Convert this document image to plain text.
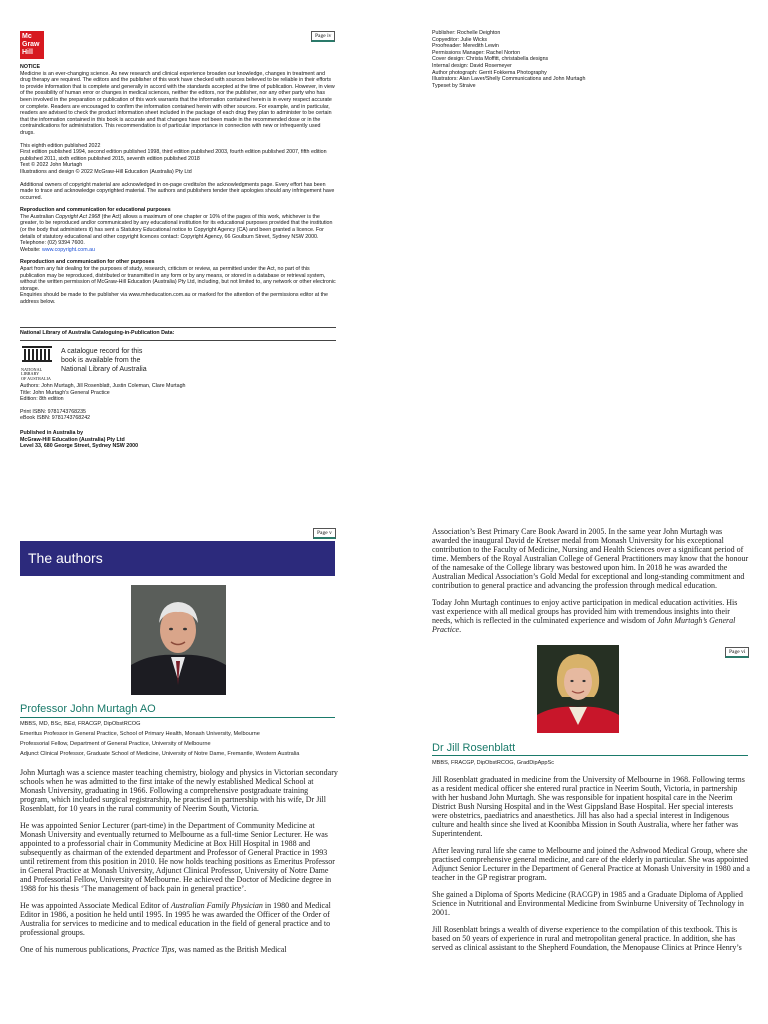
Mc
Graw
Hill
Page iv

NOTICE
Medicine is an ever-changing science. As new research and clinical experience broaden our knowledge, changes in treatment and drug therapy are required. The editors and the publisher of this work have checked with sources believed to be reliable in their efforts to provide information that is complete and generally in accord with the standards accepted at the time of publication. However, in view of the possibility of human error or changes in medical sciences, neither the editors, nor the publisher, nor any other party who has been involved in the preparation or publication of this work warrants that the information contained herein is in every respect accurate or complete. Readers are encouraged to confirm the information contained herein with other sources. For example, and in particular, readers are advised to check the product information sheet included in the package of each drug they plan to administer to be certain that the information contained in this book is accurate and that changes have not been made in the recommended dose or in the contraindications for administration. This recommendation is of particular importance in connection with new or infrequently used drugs.

This eighth edition published 2022
First edition published 1994, second edition published 1998, third edition published 2003, fourth edition published 2007, fifth edition published 2011, sixth edition published 2015, seventh edition published 2018
Text © 2022 John Murtagh
Illustrations and design © 2022 McGraw-Hill Education (Australia) Pty Ltd

Additional owners of copyright material are acknowledged in on-page credits/on the acknowledgments page. Every effort has been made to trace and acknowledge copyrighted material. The authors and publishers tender their apologies should any infringement have occurred.

Reproduction and communication for educational purposes
The Australian Copyright Act 1968 (the Act) allows a maximum of one chapter or 10% of the pages of this work, whichever is the greater, to be reproduced and/or communicated by any educational institution for its educational purposes provided that the institution (or the body that administers it) has sent a Statutory Educational notice to Copyright Agency (CA) and been granted a licence. For details of statutory educational and other copyright licences contact: Copyright Agency, 66 Goulburn Street, Sydney NSW 2000. Telephone: (02) 9394 7600.
Website: www.copyright.com.au

Reproduction and communication for other purposes
Apart from any fair dealing for the purposes of study, research, criticism or review, as permitted under the Act, no part of this publication may be reproduced, distributed or transmitted in any form or by any means, or stored in a database or retrieval system, without the written permission of McGraw-Hill Education (Australia) Pty Ltd, including, but not limited to, any network or other electronic storage.
Enquiries should be made to the publisher via www.mheducation.com.au or marked for the attention of the permissions editor at the address below.

National Library of Australia Cataloguing-in-Publication Data:
NATIONAL
LIBRARY
OF AUSTRALIA
A catalogue record for this
book is available from the
National Library of Australia
Authors: John Murtagh, Jill Rosenblatt, Justin Coleman, Clare Murtagh
Title: John Murtagh's General Practice
Edition: 8th edition
Print ISBN: 9781743768235
eBook ISBN: 9781743768242
Published in Australia by
McGraw-Hill Education (Australia) Pty Ltd
Level 33, 680 George Street, Sydney NSW 2000
Publisher: Rochelle Deighton
Copyeditor: Julie Wicks
Proofreader: Meredith Lewin
Permissions Manager: Rachel Norton
Cover design: Christa Moffitt, christabella designs
Internal design: David Rosemeyer
Author photograph: Gerrit Fokkema Photography
Illustrators: Alan Laver/Shelly Communications and John Murtagh
Typeset by Straive
Page v
The authors
Professor John Murtagh AO
MBBS, MD, BSc, BEd, FRACGP, DipObstRCOG
Emeritus Professor in General Practice, School of Primary Health, Monash University, Melbourne
Professorial Fellow, Department of General Practice, University of Melbourne
Adjunct Clinical Professor, Graduate School of Medicine, University of Notre Dame, Fremantle, Western Australia

John Murtagh was a science master teaching chemistry, biology and physics in Victorian secondary schools when he was admitted to the first intake of the newly established Medical School at Monash University, graduating in 1966. Following a comprehensive postgraduate training program, which included surgical registrarship, he practised in partnership with his wife, Dr Jill Rosenblatt, for 10 years in the rural community of Neerim South, Victoria.

He was appointed Senior Lecturer (part-time) in the Department of Community Medicine at Monash University and eventually returned to Melbourne as a full-time Senior Lecturer. He was appointed to a professorial chair in Community Medicine at Box Hill Hospital in 1988 and subsequently as chairman of the extended department and Professor of General Practice in 1993 until retirement from this position in 2010. He now holds teaching positions as Emeritus Professor in General Practice at Monash University, Adjunct Clinical Professor, University of Notre Dame and Professorial Fellow, University of Melbourne. He achieved the Doctor of Medicine degree in 1988 for his thesis ‘The management of back pain in general practice’.

He was appointed Associate Medical Editor of Australian Family Physician in 1980 and Medical Editor in 1986, a position he held until 1995. In 1995 he was awarded the Officer of the Order of Australia for services to medicine and to medical education in the field of general practice and to professional groups.

One of his numerous publications, Practice Tips, was named as the British Medical

Association’s Best Primary Care Book Award in 2005. In the same year John Murtagh was awarded the inaugural David de Kretser medal from Monash University for his exceptional contribution to the Faculty of Medicine, Nursing and Health Sciences over a significant period of time. Members of the Royal Australian College of General Practitioners may know that the honour of the namesake of the College library was bestowed upon him. In 2018 he was awarded the Australian Medical Association’s Gold Medal for exceptional and long-standing commitment and contribution to general practice and advancing the profession through medical education.

Today John Murtagh continues to enjoy active participation in medical education activities. His vast experience with all medical groups has provided him with tremendous insights into their needs, which is reflected in the culminated experience and wisdom of John Murtagh’s General Practice.

Page vi
Dr Jill Rosenblatt
MBBS, FRACGP, DipObstRCOG, GradDipAppSc

Jill Rosenblatt graduated in medicine from the University of Melbourne in 1968. Following terms as a resident medical officer she entered rural practice in Neerim South, Victoria, in partnership with her husband John Murtagh. She was responsible for inpatient hospital care in the Neerim District Bush Nursing Hospital and in the West Gippsland Base Hospital. Her special interests were obstetrics, paediatrics and anaesthetics. Jill has also had a special interest in Indigenous culture and health since she lived at Koonibba Mission in South Australia, where her father was Superintendent.

After leaving rural life she came to Melbourne and joined the Ashwood Medical Group, where she practised comprehensive general medicine, and care of the elderly in particular. She was appointed Adjunct Senior Lecturer in the Department of General Practice at Monash University in 1980 and a teacher in the GP registrar program.

She gained a Diploma of Sports Medicine (RACGP) in 1985 and a Graduate Diploma of Applied Science in Nutritional and Environmental Medicine from Swinburne University of Technology in 2001.

Jill Rosenblatt brings a wealth of diverse experience to the compilation of this textbook. This is based on 50 years of experience in rural and metropolitan general practice. In addition, she has served as clinical assistant to the Shepherd Foundation, the Menopause Clinics at Prince Henry’s
